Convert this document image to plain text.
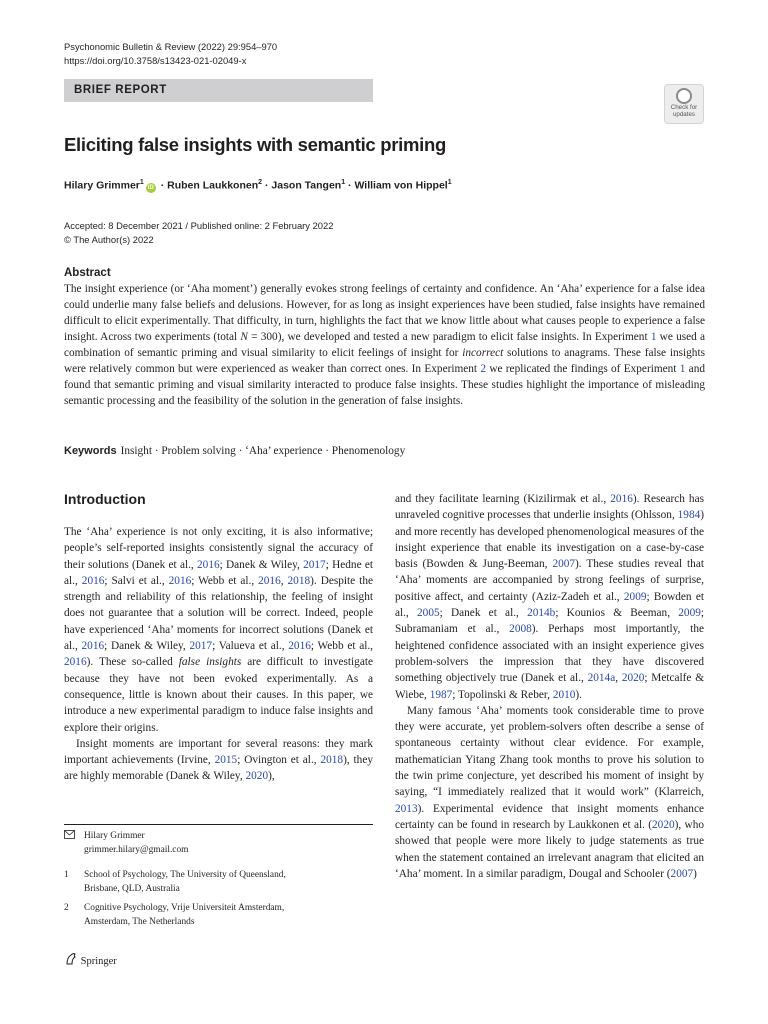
Psychonomic Bulletin & Review (2022) 29:954–970
https://doi.org/10.3758/s13423-021-02049-x
BRIEF REPORT
Check for
updates
Eliciting false insights with semantic priming
Hilary Grimmer$^1$iD · Ruben Laukkonen$^2$ · Jason Tangen$^1$ · William von Hippel$^1$
Accepted: 8 December 2021 / Published online: 2 February 2022
© The Author(s) 2022
Abstract

The insight experience (or ‘Aha moment’) generally evokes strong feelings of certainty and confidence. An ‘Aha’ experience for a false idea could underlie many false beliefs and delusions. However, for as long as insight experiences have been studied, false insights have remained difficult to elicit experimentally. That difficulty, in turn, highlights the fact that we know little about what causes people to experience a false insight. Across two experiments (total N = 300), we developed and tested a new paradigm to elicit false insights. In Experiment 1 we used a combination of semantic priming and visual similarity to elicit feelings of insight for incorrect solutions to anagrams. These false insights were relatively common but were experienced as weaker than correct ones. In Experiment 2 we replicated the findings of Experiment 1 and found that semantic priming and visual similarity interacted to produce false insights. These studies highlight the importance of misleading semantic processing and the feasibility of the solution in the generation of false insights.

Keywords Insight · Problem solving · ‘Aha’ experience · Phenomenology
Introduction

The ‘Aha’ experience is not only exciting, it is also informative; people’s self-reported insights consistently signal the accuracy of their solutions (Danek et al., 2016; Danek & Wiley, 2017; Hedne et al., 2016; Salvi et al., 2016; Webb et al., 2016, 2018). Despite the strength and reliability of this relationship, the feeling of insight does not guarantee that a solution will be correct. Indeed, people have experienced ‘Aha’ moments for incorrect solutions (Danek et al., 2016; Danek & Wiley, 2017; Valueva et al., 2016; Webb et al., 2016). These so-called false insights are difficult to investigate because they have not been evoked experimentally. As a consequence, little is known about their causes. In this paper, we introduce a new experimental paradigm to induce false insights and explore their origins.

Insight moments are important for several reasons: they mark important achievements (Irvine, 2015; Ovington et al., 2018), they are highly memorable (Danek & Wiley, 2020),

and they facilitate learning (Kizilirmak et al., 2016). Research has unraveled cognitive processes that underlie insights (Ohlsson, 1984) and more recently has developed phenomenological measures of the insight experience that enable its investigation on a case-by-case basis (Bowden & Jung-Beeman, 2007). These studies reveal that ‘Aha’ moments are accompanied by strong feelings of surprise, positive affect, and certainty (Aziz-Zadeh et al., 2009; Bowden et al., 2005; Danek et al., 2014b; Kounios & Beeman, 2009; Subramaniam et al., 2008). Perhaps most importantly, the heightened confidence associated with an insight experience gives problem-solvers the impression that they have discovered something objectively true (Danek et al., 2014a, 2020; Metcalfe & Wiebe, 1987; Topolinski & Reber, 2010).

Many famous ‘Aha’ moments took considerable time to prove they were accurate, yet problem-solvers often describe a sense of spontaneous certainty without clear evidence. For example, mathematician Yitang Zhang took months to prove his solution to the twin prime conjecture, yet described his moment of insight by saying, “I immediately realized that it would work” (Klarreich, 2013). Experimental evidence that insight moments enhance certainty can be found in research by Laukkonen et al. (2020), who showed that people were more likely to judge statements as true when the statement contained an irrelevant anagram that elicited an ‘Aha’ moment. In a similar paradigm, Dougal and Schooler (2007)

Hilary Grimmer
grimmer.hilary@gmail.com
1 School of Psychology, The University of Queensland,
Brisbane, QLD, Australia
2 Cognitive Psychology, Vrije Universiteit Amsterdam,
Amsterdam, The Netherlands
Springer
